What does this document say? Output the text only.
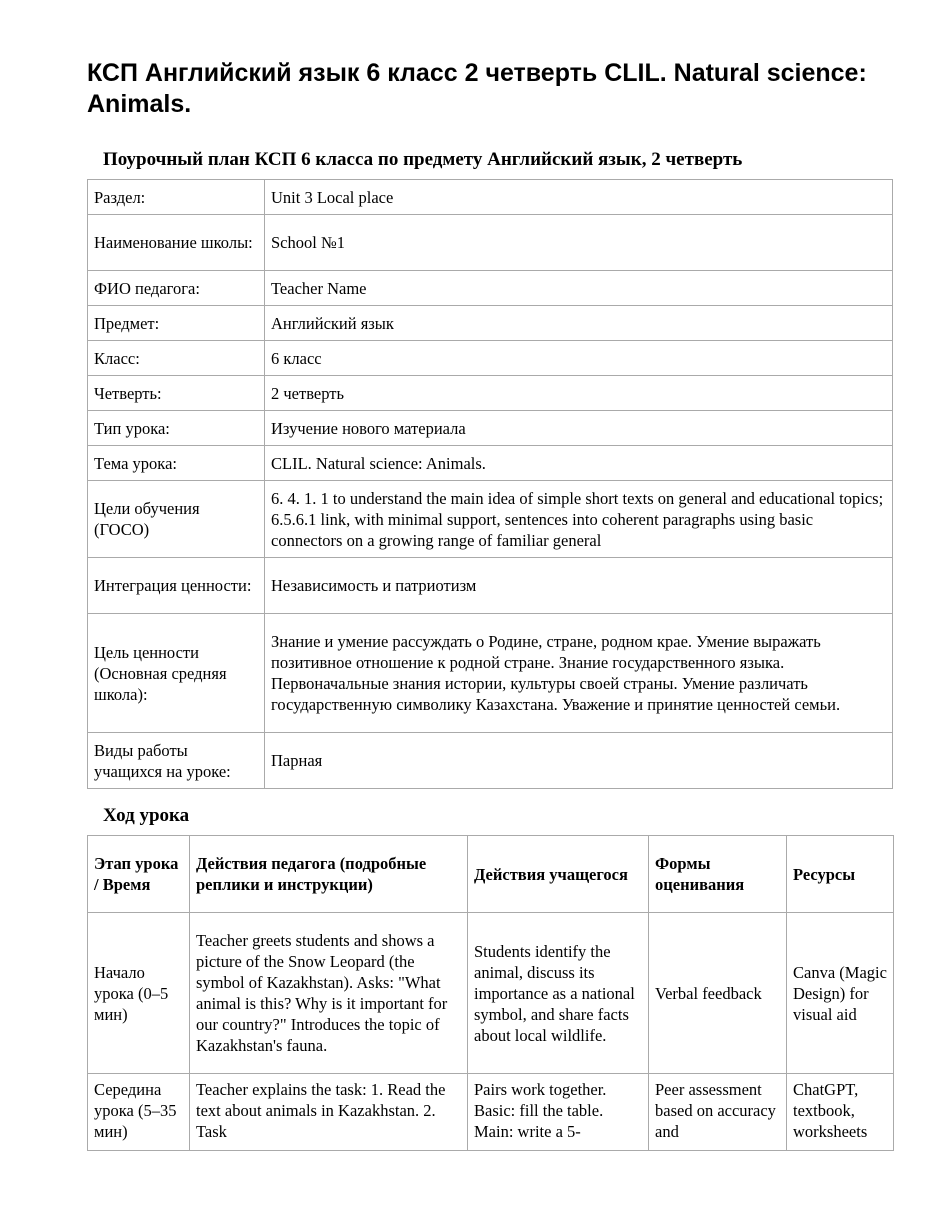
КСП Английский язык 6 класс 2 четверть CLIL. Natural science: Animals.
Поурочный план КСП 6 класса по предмету Английский язык, 2 четверть
Раздел:	Unit 3 Local place
Наименование школы:	School №1
ФИО педагога:	Teacher Name
Предмет:	Английский язык
Класс:	6 класс
Четверть:	2 четверть
Тип урока:	Изучение нового материала
Тема урока:	CLIL. Natural science: Animals.
Цели обучения (ГОСО)	6. 4. 1. 1 to understand the main idea of simple short texts on general and educational topics; 6.5.6.1 link, with minimal support, sentences into coherent paragraphs using basic connectors on a growing range of familiar general
Интеграция ценности:	Независимость и патриотизм
Цель ценности (Основная средняя школа):	Знание и умение рассуждать о Родине, стране, родном крае. Умение выражать позитивное отношение к родной стране. Знание государственного языка. Первоначальные знания истории, культуры своей страны. Умение различать государственную символику Казахстана. Уважение и принятие ценностей семьи.
Виды работы учащихся на уроке:	Парная
Ход урока
Этап урока / Время	Действия педагога (подробные реплики и инструкции)	Действия учащегося	Формы оценивания	Ресурсы
Начало урока (0–5 мин)	Teacher greets students and shows a picture of the Snow Leopard (the symbol of Kazakhstan). Asks: "What animal is this? Why is it important for our country?" Introduces the topic of Kazakhstan's fauna.	Students identify the animal, discuss its importance as a national symbol, and share facts about local wildlife.	Verbal feedback	Canva (Magic Design) for visual aid
Середина урока (5–35 мин)	Teacher explains the task: 1. Read the text about animals in Kazakhstan. 2. Task	Pairs work together. Basic: fill the table. Main: write a 5-	Peer assessment based on accuracy and	ChatGPT, textbook, worksheets
